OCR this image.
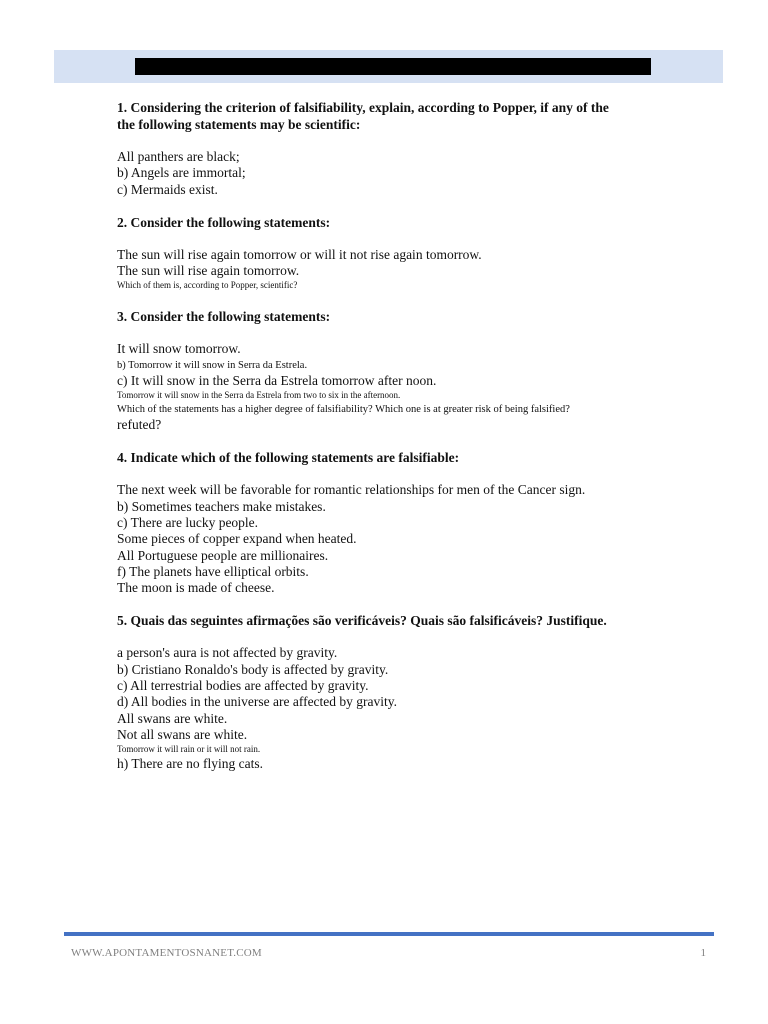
1. Considering the criterion of falsifiability, explain, according to Popper, if any of the

the following statements may be scientific:

All panthers are black;

b) Angels are immortal;

c) Mermaids exist.

2. Consider the following statements:

The sun will rise again tomorrow or will it not rise again tomorrow.

The sun will rise again tomorrow.

Which of them is, according to Popper, scientific?

3. Consider the following statements:

It will snow tomorrow.

b) Tomorrow it will snow in Serra da Estrela.

c) It will snow in the Serra da Estrela tomorrow after noon.

Tomorrow it will snow in the Serra da Estrela from two to six in the afternoon.

Which of the statements has a higher degree of falsifiability? Which one is at greater risk of being falsified?

refuted?

4. Indicate which of the following statements are falsifiable:

The next week will be favorable for romantic relationships for men of the Cancer sign.

b) Sometimes teachers make mistakes.

c) There are lucky people.

Some pieces of copper expand when heated.

All Portuguese people are millionaires.

f) The planets have elliptical orbits.

The moon is made of cheese.

5. Quais das seguintes afirmações são verificáveis? Quais são falsificáveis? Justifique.

a person's aura is not affected by gravity.

b) Cristiano Ronaldo's body is affected by gravity.

c) All terrestrial bodies are affected by gravity.

d) All bodies in the universe are affected by gravity.

All swans are white.

Not all swans are white.

Tomorrow it will rain or it will not rain.

h) There are no flying cats.

WWW.APONTAMENTOSNANET.COM	1
